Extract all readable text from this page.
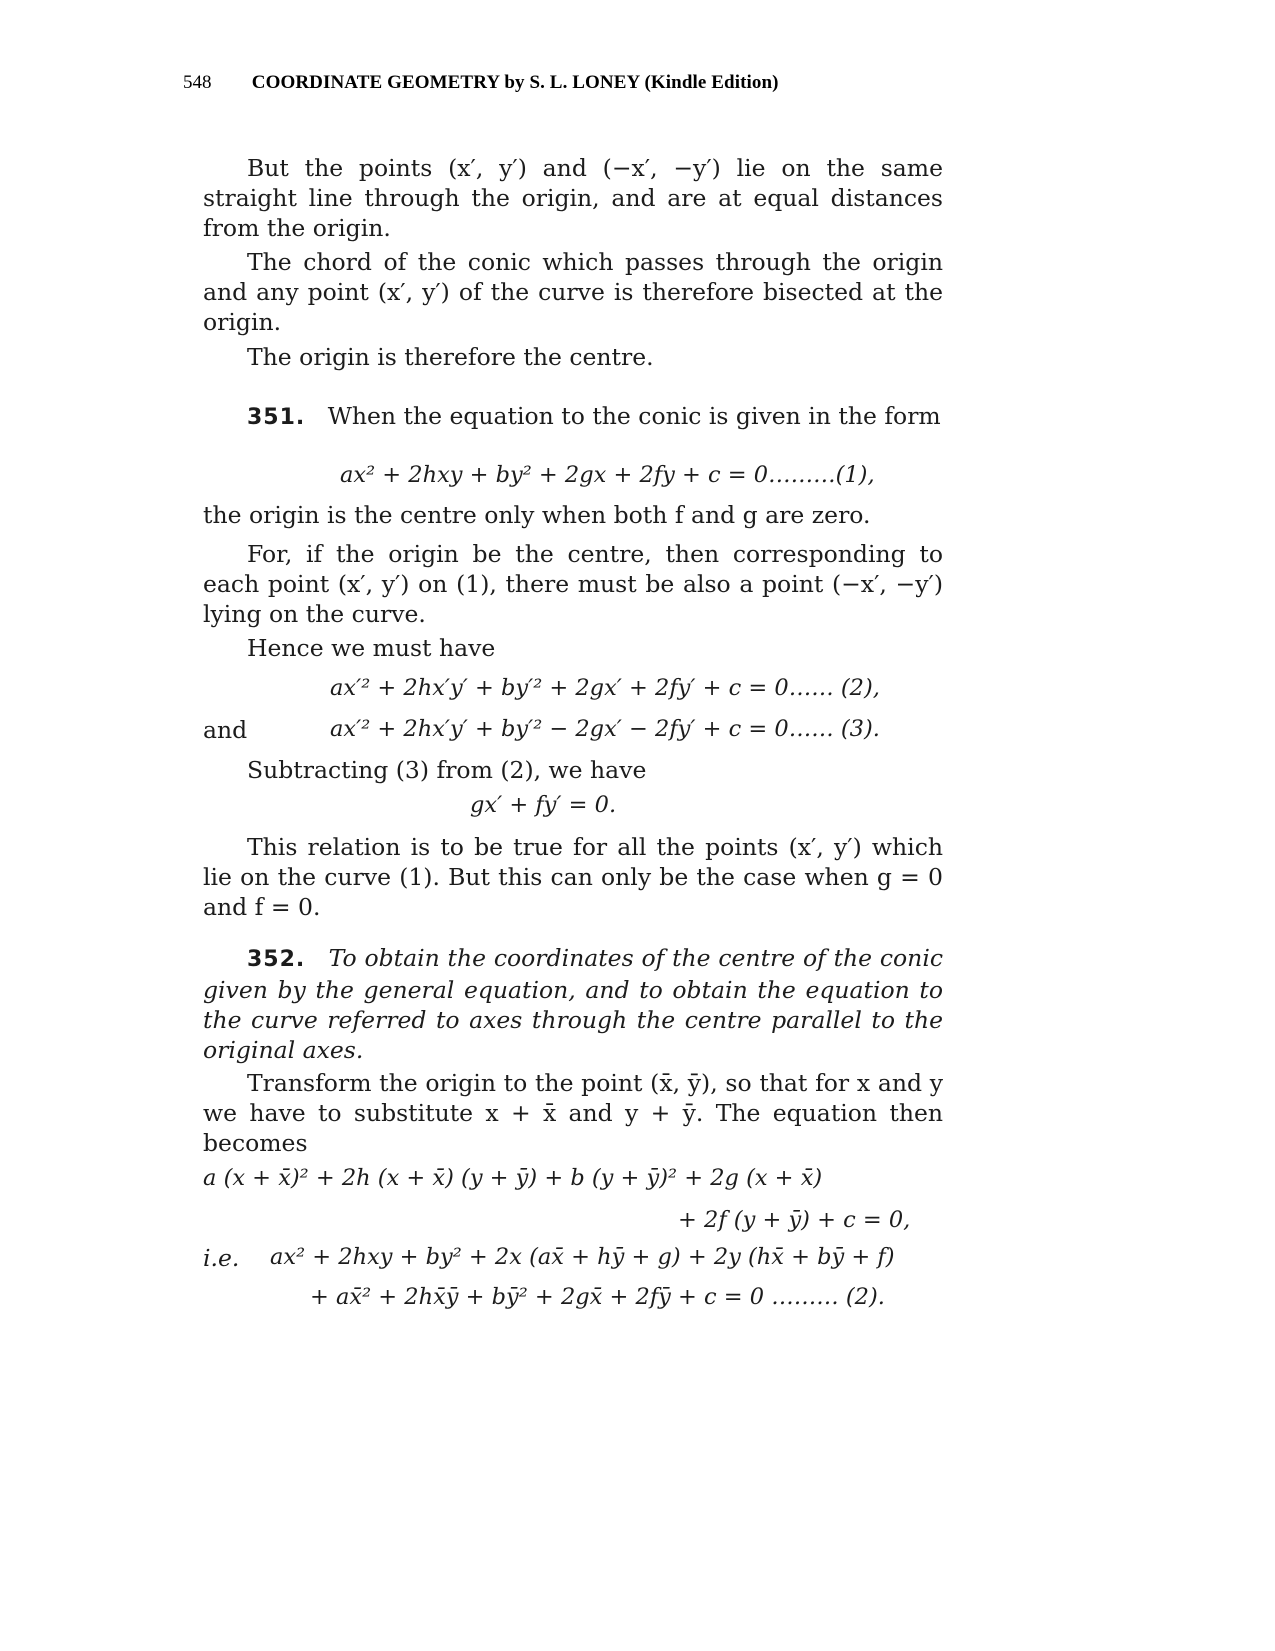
548 COORDINATE GEOMETRY by S. L. LONEY (Kindle Edition)

But the points (x′, y′) and (−x′, −y′) lie on the same straight line through the origin, and are at equal distances from the origin.

The chord of the conic which passes through the origin and any point (x′, y′) of the curve is therefore bisected at the origin.

The origin is therefore the centre.

351. When the equation to the conic is given in the form

ax² + 2hxy + by² + 2gx + 2fy + c = 0………(1),

the origin is the centre only when both f and g are zero.

For, if the origin be the centre, then corresponding to each point (x′, y′) on (1), there must be also a point (−x′, −y′) lying on the curve.

Hence we must have

ax′² + 2hx′y′ + by′² + 2gx′ + 2fy′ + c = 0…… (2),
and	ax′² + 2hx′y′ + by′² − 2gx′ − 2fy′ + c = 0…… (3).

Subtracting (3) from (2), we have

gx′ + fy′ = 0.

This relation is to be true for all the points (x′, y′) which lie on the curve (1). But this can only be the case when g = 0 and f = 0.

352. To obtain the coordinates of the centre of the conic given by the general equation, and to obtain the equation to the curve referred to axes through the centre parallel to the original axes.

Transform the origin to the point (x̄, ȳ), so that for x and y we have to substitute x + x̄ and y + ȳ. The equation then becomes

a (x + x̄)² + 2h (x + x̄) (y + ȳ) + b (y + ȳ)² + 2g (x + x̄)
+ 2f (y + ȳ) + c = 0,
i.e. ax² + 2hxy + by² + 2x (ax̄ + hȳ + g) + 2y (hx̄ + bȳ + f)
+ ax̄² + 2hx̄ȳ + bȳ² + 2gx̄ + 2fȳ + c = 0 ……… (2).
